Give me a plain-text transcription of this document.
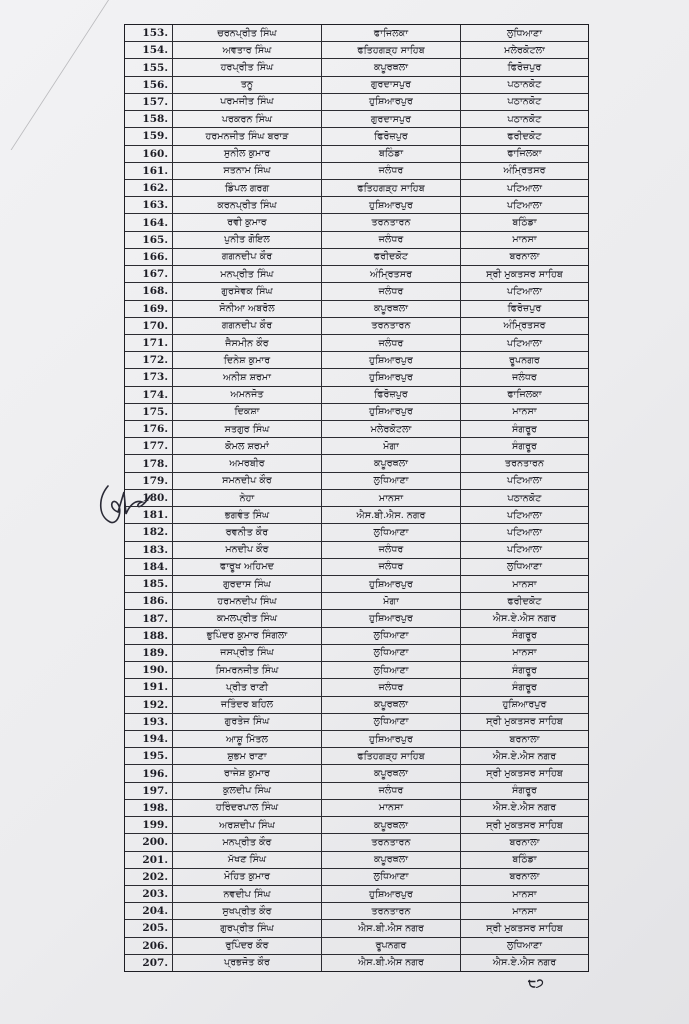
153.	ਚਰਨਪ੍ਰੀਤ ਸਿੰਘ	ਫਾਜਿਲਕਾ	ਲੁਧਿਆਣਾ
154.	ਅਵਤਾਰ ਸਿੰਘ	ਫਤਿਹਗੜ੍ਹ ਸਾਹਿਬ	ਮਲੇਰਕੋਟਲਾ
155.	ਹਰਪ੍ਰੀਤ ਸਿੰਘ	ਕਪੂਰਥਲਾ	ਫਿਰੋਜ਼ਪੁਰ
156.	ਤਨੂ	ਗੁਰਦਾਸਪੁਰ	ਪਠਾਨਕੋਟ
157.	ਪਰਮਜੀਤ ਸਿੰਘ	ਹੁਸ਼ਿਆਰਪੁਰ	ਪਠਾਨਕੋਟ
158.	ਪਰਕਰਨ ਸਿੰਘ	ਗੁਰਦਾਸਪੁਰ	ਪਠਾਨਕੋਟ
159.	ਹਰਮਨਜੀਤ ਸਿੰਘ ਬਰਾੜ	ਫਿਰੋਜ਼ਪੁਰ	ਫਰੀਦਕੋਟ
160.	ਸੁਨੀਲ ਕੁਮਾਰ	ਬਠਿੰਡਾ	ਫਾਜਿਲਕਾ
161.	ਸਤਨਾਮ ਸਿੰਘ	ਜਲੰਧਰ	ਅੰਮ੍ਰਿਤਸਰ
162.	ਡਿੰਪਲ ਗਰਗ	ਫਤਿਹਗੜ੍ਹ ਸਾਹਿਬ	ਪਟਿਆਲਾ
163.	ਕਰਨਪ੍ਰੀਤ ਸਿੰਘ	ਹੁਸ਼ਿਆਰਪੁਰ	ਪਟਿਆਲਾ
164.	ਰਵੀ ਕੁਮਾਰ	ਤਰਨਤਾਰਨ	ਬਠਿੰਡਾ
165.	ਪੁਨੀਤ ਗੋਇਲ	ਜਲੰਧਰ	ਮਾਨਸਾ
166.	ਗਗਨਦੀਪ ਕੌਰ	ਫਰੀਦਕੋਟ	ਬਰਨਾਲਾ
167.	ਮਨਪ੍ਰੀਤ ਸਿੰਘ	ਅੰਮ੍ਰਿਤਸਰ	ਸ੍ਰੀ ਮੁਕਤਸਰ ਸਾਹਿਬ
168.	ਗੁਰਸੇਵਕ ਸਿੰਘ	ਜਲੰਧਰ	ਪਟਿਆਲਾ
169.	ਸੋਨੀਆ ਅਬਰੋਲ	ਕਪੂਰਥਲਾ	ਫਿਰੋਜ਼ਪੁਰ
170.	ਗਗਨਦੀਪ ਕੌਰ	ਤਰਨਤਾਰਨ	ਅੰਮ੍ਰਿਤਸਰ
171.	ਜੈਸਮੀਨ ਕੌਰ	ਜਲੰਧਰ	ਪਟਿਆਲਾ
172.	ਦਿਨੇਸ਼ ਕੁਮਾਰ	ਹੁਸ਼ਿਆਰਪੁਰ	ਰੂਪਨਗਰ
173.	ਅਨੀਸ਼ ਸ਼ਰਮਾ	ਹੁਸ਼ਿਆਰਪੁਰ	ਜਲੰਧਰ
174.	ਅਮਨਜੋਤ	ਫਿਰੋਜ਼ਪੁਰ	ਫਾਜਿਲਕਾ
175.	ਦਿਕਸ਼ਾ	ਹੁਸ਼ਿਆਰਪੁਰ	ਮਾਨਸਾ
176.	ਸਤਗੁਰ ਸਿੰਘ	ਮਲੇਰਕੋਟਲਾ	ਸੰਗਰੂਰ
177.	ਕੋਮਲ ਸ਼ਰਮਾਂ	ਮੋਗਾ	ਸੰਗਰੂਰ
178.	ਅਮਰਬੀਰ	ਕਪੂਰਥਲਾ	ਤਰਨਤਾਰਨ
179.	ਸਮਨਦੀਪ ਕੌਰ	ਲੁਧਿਆਣਾ	ਪਟਿਆਲਾ
180.	ਨੇਹਾ	ਮਾਨਸਾ	ਪਠਾਨਕੋਟ
181.	ਭਗਵੰਤ ਸਿੰਘ	ਐਸ.ਬੀ.ਐਸ. ਨਗਰ	ਪਟਿਆਲਾ
182.	ਰਵਨੀਤ ਕੌਰ	ਲੁਧਿਆਣਾ	ਪਟਿਆਲਾ
183.	ਮਨਦੀਪ ਕੌਰ	ਜਲੰਧਰ	ਪਟਿਆਲਾ
184.	ਫਾਰੂਖ ਅਹਿਮਦ	ਜਲੰਧਰ	ਲੁਧਿਆਣਾ
185.	ਗੁਰਦਾਸ ਸਿੰਘ	ਹੁਸ਼ਿਆਰਪੁਰ	ਮਾਨਸਾ
186.	ਹਰਮਨਦੀਪ ਸਿੰਘ	ਮੋਗਾ	ਫਰੀਦਕੋਟ
187.	ਕਮਲਪ੍ਰੀਤ ਸਿੰਘ	ਹੁਸ਼ਿਆਰਪੁਰ	ਐਸ.ਏ.ਐਸ ਨਗਰ
188.	ਭੁਪਿੰਦਰ ਕੁਮਾਰ ਸਿੰਗਲਾ	ਲੁਧਿਆਣਾ	ਸੰਗਰੂਰ
189.	ਜਸਪ੍ਰੀਤ ਸਿੰਘ	ਲੁਧਿਆਣਾ	ਮਾਨਸਾ
190.	ਸਿਮਰਨਜੀਤ ਸਿੰਘ	ਲੁਧਿਆਣਾ	ਸੰਗਰੂਰ
191.	ਪ੍ਰੀਤ ਰਾਣੀ	ਜਲੰਧਰ	ਸੰਗਰੂਰ
192.	ਜਤਿੰਦਰ ਬਹਿਲ	ਕਪੂਰਥਲਾ	ਹੁਸ਼ਿਆਰਪੁਰ
193.	ਗੁਰਤੇਜ ਸਿੰਘ	ਲੁਧਿਆਣਾ	ਸ੍ਰੀ ਮੁਕਤਸਰ ਸਾਹਿਬ
194.	ਆਸ਼ੂ ਮਿੱਤਲ	ਹੁਸ਼ਿਆਰਪੁਰ	ਬਰਨਾਲਾ
195.	ਸ਼ੁਭਮ ਰਾਣਾ	ਫਤਿਹਗੜ੍ਹ ਸਾਹਿਬ	ਐਸ.ਏ.ਐਸ ਨਗਰ
196.	ਰਾਜੇਸ਼ ਕੁਮਾਰ	ਕਪੂਰਥਲਾ	ਸ੍ਰੀ ਮੁਕਤਸਰ ਸਾਹਿਬ
197.	ਕੁਲਦੀਪ ਸਿੰਘ	ਜਲੰਧਰ	ਸੰਗਰੂਰ
198.	ਹਰਿੰਦਰਪਾਲ ਸਿੰਘ	ਮਾਨਸਾ	ਐਸ.ਏ.ਐਸ ਨਗਰ
199.	ਅਰਸ਼ਦੀਪ ਸਿੰਘ	ਕਪੂਰਥਲਾ	ਸ੍ਰੀ ਮੁਕਤਸਰ ਸਾਹਿਬ
200.	ਮਨਪ੍ਰੀਤ ਕੌਰ	ਤਰਨਤਾਰਨ	ਬਰਨਾਲਾ
201.	ਮੱਖਣ ਸਿੰਘ	ਕਪੂਰਥਲਾ	ਬਠਿੰਡਾ
202.	ਮੋਹਿਤ ਕੁਮਾਰ	ਲੁਧਿਆਣਾ	ਬਰਨਾਲਾ
203.	ਨਵਦੀਪ ਸਿੰਘ	ਹੁਸ਼ਿਆਰਪੁਰ	ਮਾਨਸਾ
204.	ਸੁਖਪ੍ਰੀਤ ਕੌਰ	ਤਰਨਤਾਰਨ	ਮਾਨਸਾ
205.	ਗੁਰਪ੍ਰੀਤ ਸਿੰਘ	ਐਸ.ਬੀ.ਐਸ ਨਗਰ	ਸ੍ਰੀ ਮੁਕਤਸਰ ਸਾਹਿਬ
206.	ਰੁਪਿੰਦਰ ਕੌਰ	ਰੂਪਨਗਰ	ਲੁਧਿਆਣਾ
207.	ਪ੍ਰਭਜੋਤ ਕੌਰ	ਐਸ.ਬੀ.ਐਸ ਨਗਰ	ਐਸ.ਏ.ਐਸ ਨਗਰ
੮੭
